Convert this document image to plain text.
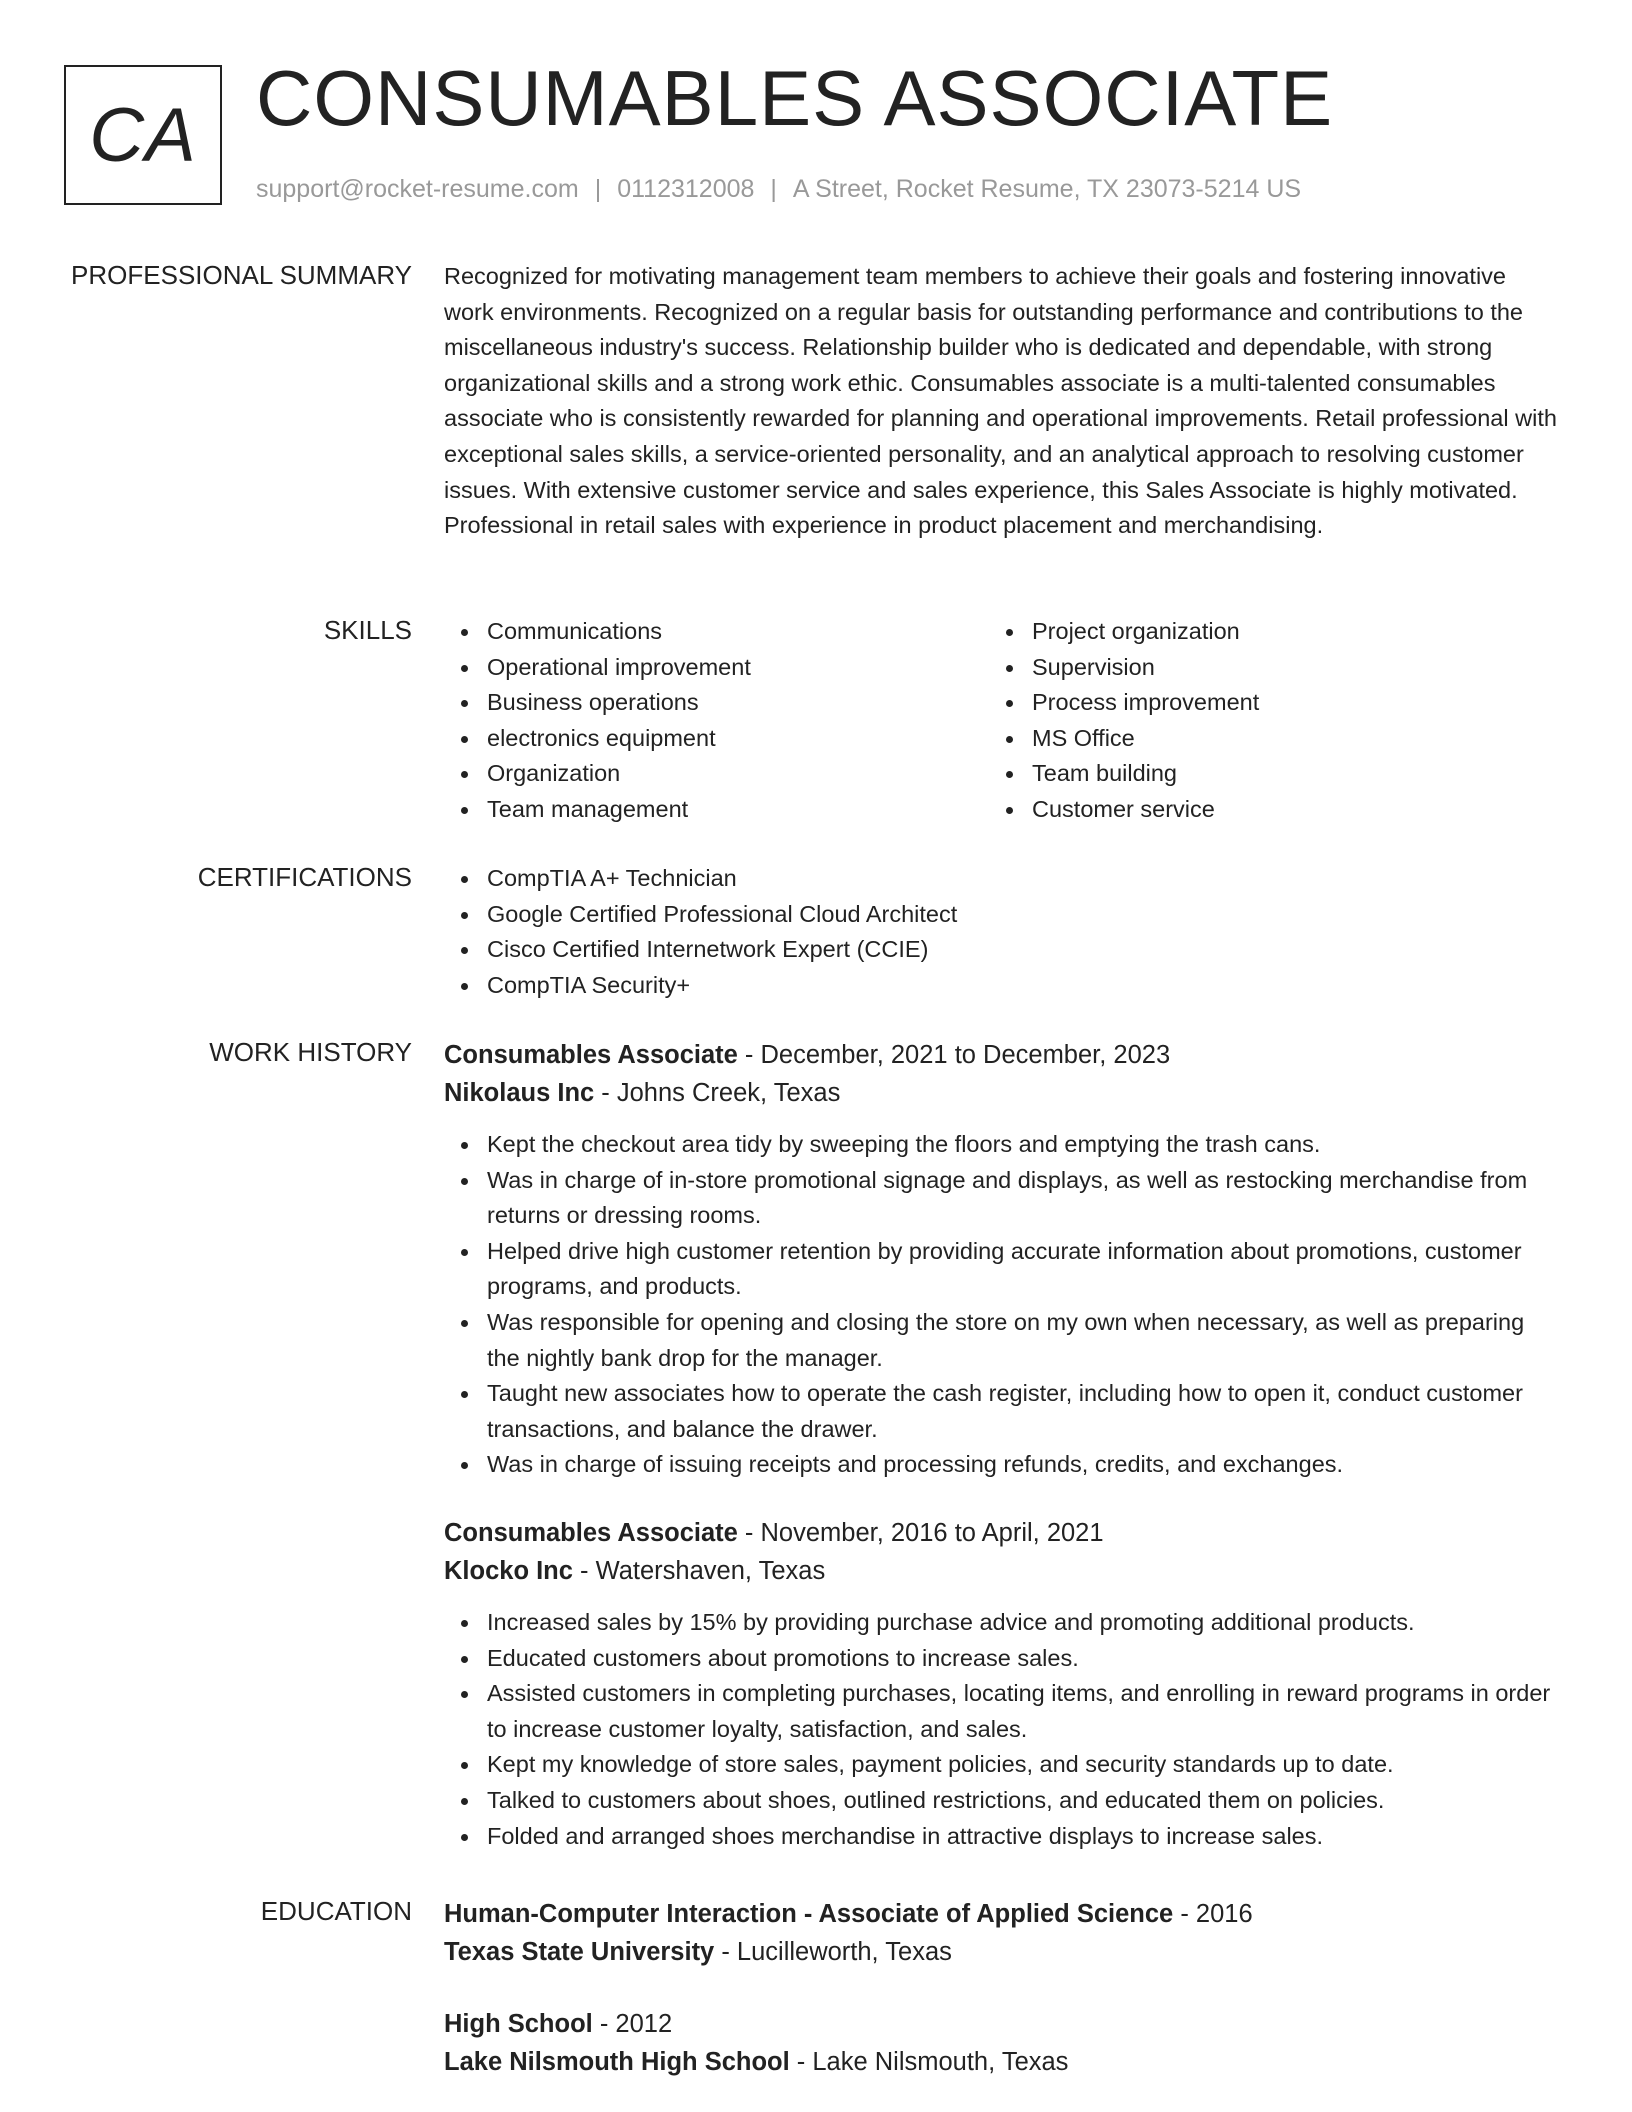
CA CONSUMABLES ASSOCIATE
support@rocket-resume.com | 0112312008 | A Street, Rocket Resume, TX 23073-5214 US
PROFESSIONAL SUMMARY Recognized for motivating management team members to achieve their goals and fostering innovative work environments. Recognized on a regular basis for outstanding performance and contributions to the miscellaneous industry's success. Relationship builder who is dedicated and dependable, with strong organizational skills and a strong work ethic. Consumables associate is a multi-talented consumables associate who is consistently rewarded for planning and operational improvements. Retail professional with exceptional sales skills, a service-oriented personality, and an analytical approach to resolving customer issues. With extensive customer service and sales experience, this Sales Associate is highly motivated. Professional in retail sales with experience in product placement and merchandising.

SKILLS	Communications
Operational improvement
Business operations
electronics equipment
Organization
Team management
Project organization
Supervision
Process improvement
MS Office
Team building
Customer service
CERTIFICATIONS	CompTIA A+ Technician
Google Certified Professional Cloud Architect
Cisco Certified Internetwork Expert (CCIE)
CompTIA Security+
WORK HISTORY Consumables Associate - December, 2021 to December, 2023
Nikolaus Inc - Johns Creek, Texas
Kept the checkout area tidy by sweeping the floors and emptying the trash cans.
Was in charge of in-store promotional signage and displays, as well as restocking merchandise from returns or dressing rooms.
Helped drive high customer retention by providing accurate information about promotions, customer programs, and products.
Was responsible for opening and closing the store on my own when necessary, as well as preparing the nightly bank drop for the manager.
Taught new associates how to operate the cash register, including how to open it, conduct customer transactions, and balance the drawer.
Was in charge of issuing receipts and processing refunds, credits, and exchanges.
Consumables Associate - November, 2016 to April, 2021
Klocko Inc - Watershaven, Texas
Increased sales by 15% by providing purchase advice and promoting additional products.
Educated customers about promotions to increase sales.
Assisted customers in completing purchases, locating items, and enrolling in reward programs in order to increase customer loyalty, satisfaction, and sales.
Kept my knowledge of store sales, payment policies, and security standards up to date.
Talked to customers about shoes, outlined restrictions, and educated them on policies.
Folded and arranged shoes merchandise in attractive displays to increase sales.
EDUCATION Human-Computer Interaction - Associate of Applied Science - 2016
Texas State University - Lucilleworth, Texas
High School - 2012
Lake Nilsmouth High School - Lake Nilsmouth, Texas
